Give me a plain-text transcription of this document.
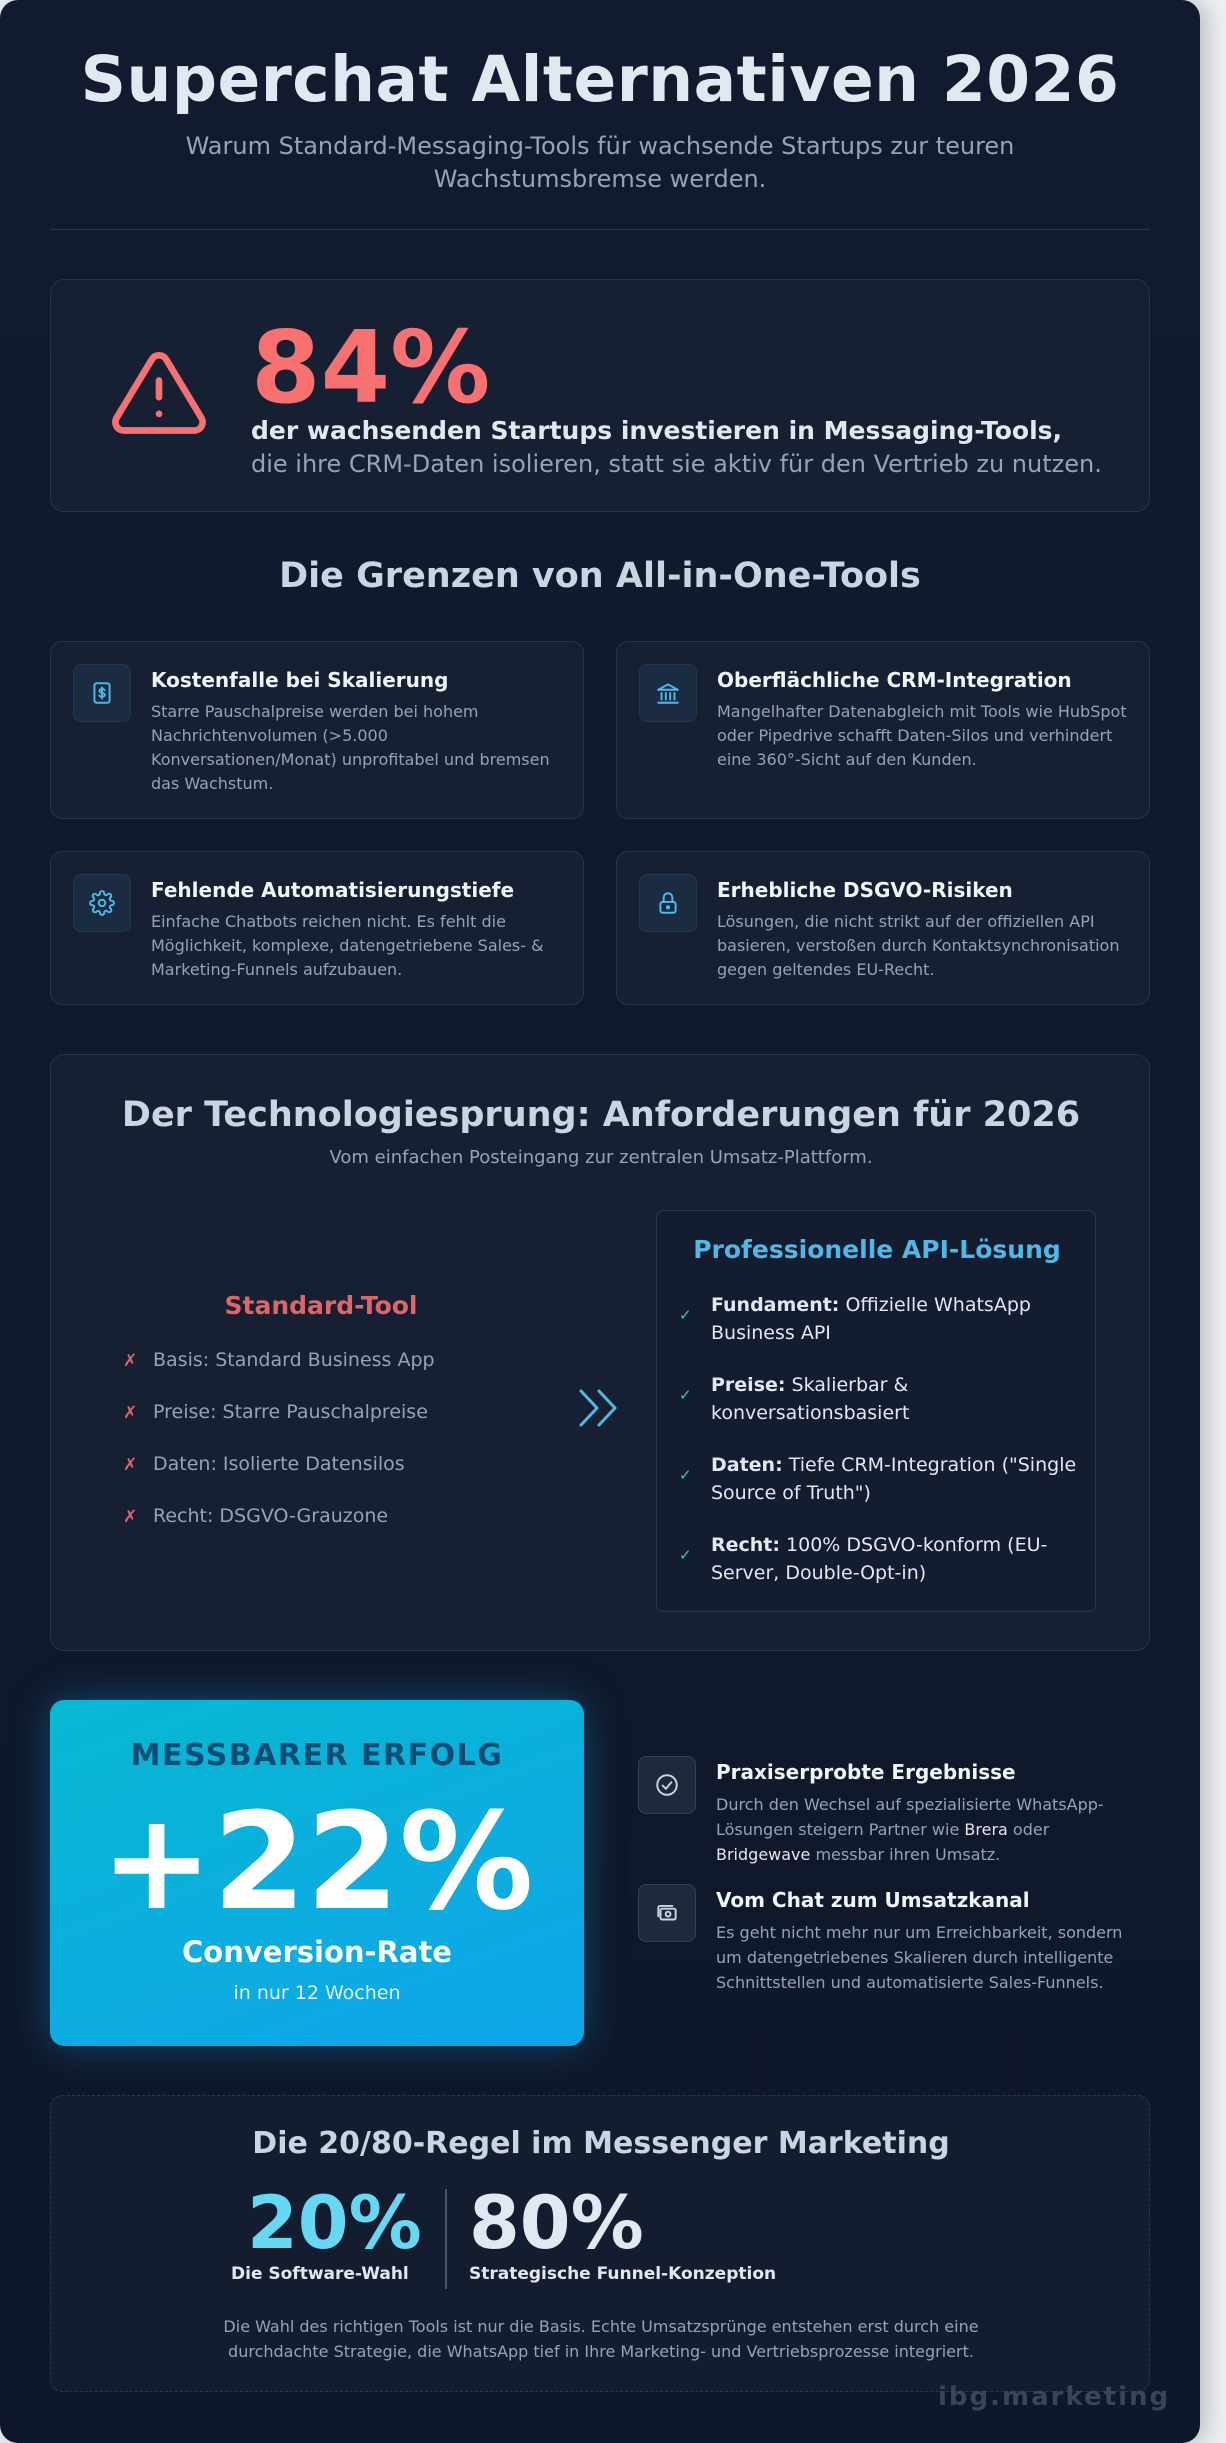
Superchat Alternativen 2026

Warum Standard-Messaging-Tools für wachsende Startups zur teuren Wachstumsbremse werden.

84%
der wachsenden Startups investieren in Messaging-Tools,
die ihre CRM-Daten isolieren, statt sie aktiv für den Vertrieb zu nutzen.
Die Grenzen von All-in-One-Tools
Kostenfalle bei Skalierung
Starre Pauschalpreise werden bei hohem Nachrichtenvolumen (>5.000 Konversationen/Monat) unprofitabel und bremsen das Wachstum.
Oberflächliche CRM-Integration
Mangelhafter Datenabgleich mit Tools wie HubSpot oder Pipedrive schafft Daten-Silos und verhindert eine 360°-Sicht auf den Kunden.
Fehlende Automatisierungstiefe
Einfache Chatbots reichen nicht. Es fehlt die Möglichkeit, komplexe, datengetriebene Sales- & Marketing-Funnels aufzubauen.
Erhebliche DSGVO-Risiken
Lösungen, die nicht strikt auf der offiziellen API basieren, verstoßen durch Kontaktsynchronisation gegen geltendes EU-Recht.
Der Technologiesprung: Anforderungen für 2026
Vom einfachen Posteingang zur zentralen Umsatz-Plattform.
Standard-Tool
✗ Basis: Standard Business App
✗ Preise: Starre Pauschalpreise
✗ Daten: Isolierte Datensilos
✗ Recht: DSGVO-Grauzone
Professionelle API-Lösung
✓ Fundament: Offizielle WhatsApp Business API
✓ Preise: Skalierbar & konversationsbasiert
✓ Daten: Tiefe CRM-Integration ("Single Source of Truth")
✓ Recht: 100% DSGVO-konform (EU-Server, Double-Opt-in)
MESSBARER ERFOLG
+22%
Conversion-Rate
in nur 12 Wochen
Praxiserprobte Ergebnisse
Durch den Wechsel auf spezialisierte WhatsApp-Lösungen steigern Partner wie Brera oder Bridgewave messbar ihren Umsatz.
Vom Chat zum Umsatzkanal
Es geht nicht mehr nur um Erreichbarkeit, sondern um datengetriebenes Skalieren durch intelligente Schnittstellen und automatisierte Sales-Funnels.
Die 20/80-Regel im Messenger Marketing
20%
Die Software-Wahl
80%
Strategische Funnel-Konzeption
Die Wahl des richtigen Tools ist nur die Basis. Echte Umsatzsprünge entstehen erst durch eine durchdachte Strategie, die WhatsApp tief in Ihre Marketing- und Vertriebsprozesse integriert.
ibg.marketing
